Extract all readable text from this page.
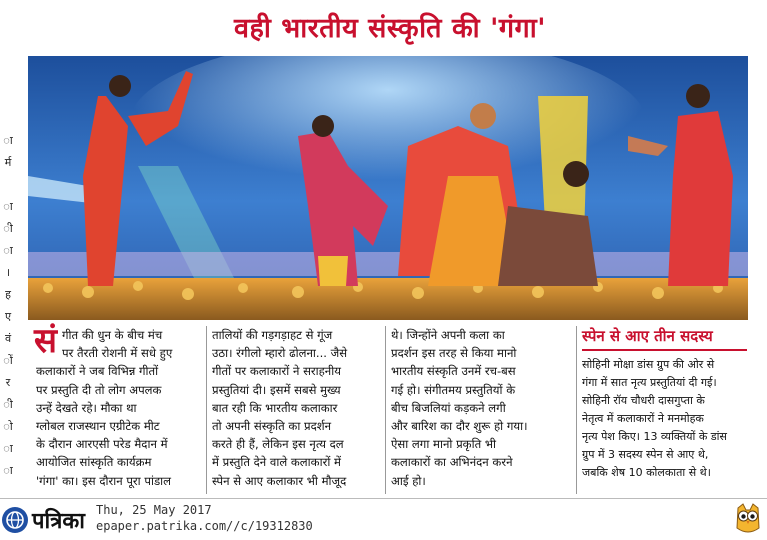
ा
र्म

ा
ी
ा
।
ह
ए
वं
ों
र
ी
ो
ा
ा
वही भारतीय संस्कृति की 'गंगा'
सं गीत की धुन के बीच मंच

पर तैरती रोशनी में सधे हुए

कलाकारों ने जब विभिन्न गीतों

पर प्रस्तुति दी तो लोग अपलक

उन्हें देखते रहे। मौका था

ग्लोबल राजस्थान एग्रीटेक मीट

के दौरान आरएसी परेड मैदान में

आयोजित सांस्कृति कार्यक्रम

'गंगा' का। इस दौरान पूरा पांडाल

तालियों की गड़गड़ाहट से गूंज

उठा। रंगीलो म्हारो ढोलना... जैसे

गीतों पर कलाकारों ने सराहनीय

प्रस्तुतियां दी। इसमें सबसे मुख्य

बात रही कि भारतीय कलाकार

तो अपनी संस्कृति का प्रदर्शन

करते ही हैं, लेकिन इस नृत्य दल

में प्रस्तुति देने वाले कलाकारों में

स्पेन से आए कलाकार भी मौजूद

थे। जिन्होंने अपनी कला का

प्रदर्शन इस तरह से किया मानो

भारतीय संस्कृति उनमें रच-बस

गई हो। संगीतमय प्रस्तुतियों के

बीच बिजलियां कड़कने लगी

और बारिश का दौर शुरू हो गया।

ऐसा लगा मानो प्रकृति भी

कलाकारों का अभिनंदन करने

आई हो।

स्पेन से आए तीन सदस्य

सोहिनी मोक्षा डांस ग्रुप की ओर से

गंगा में सात नृत्य प्रस्तुतियां दी गई।

सोहिनी रॉय चौधरी दासगुप्ता के

नेतृत्व में कलाकारों ने मनमोहक

नृत्य पेश किए। 13 व्यक्तियों के डांस

ग्रुप में 3 सदस्य स्पेन से आए थे,

जबकि शेष 10 कोलकाता से थे।

पत्रिका Thu, 25 May 2017
epaper.patrika.com//c/19312830
